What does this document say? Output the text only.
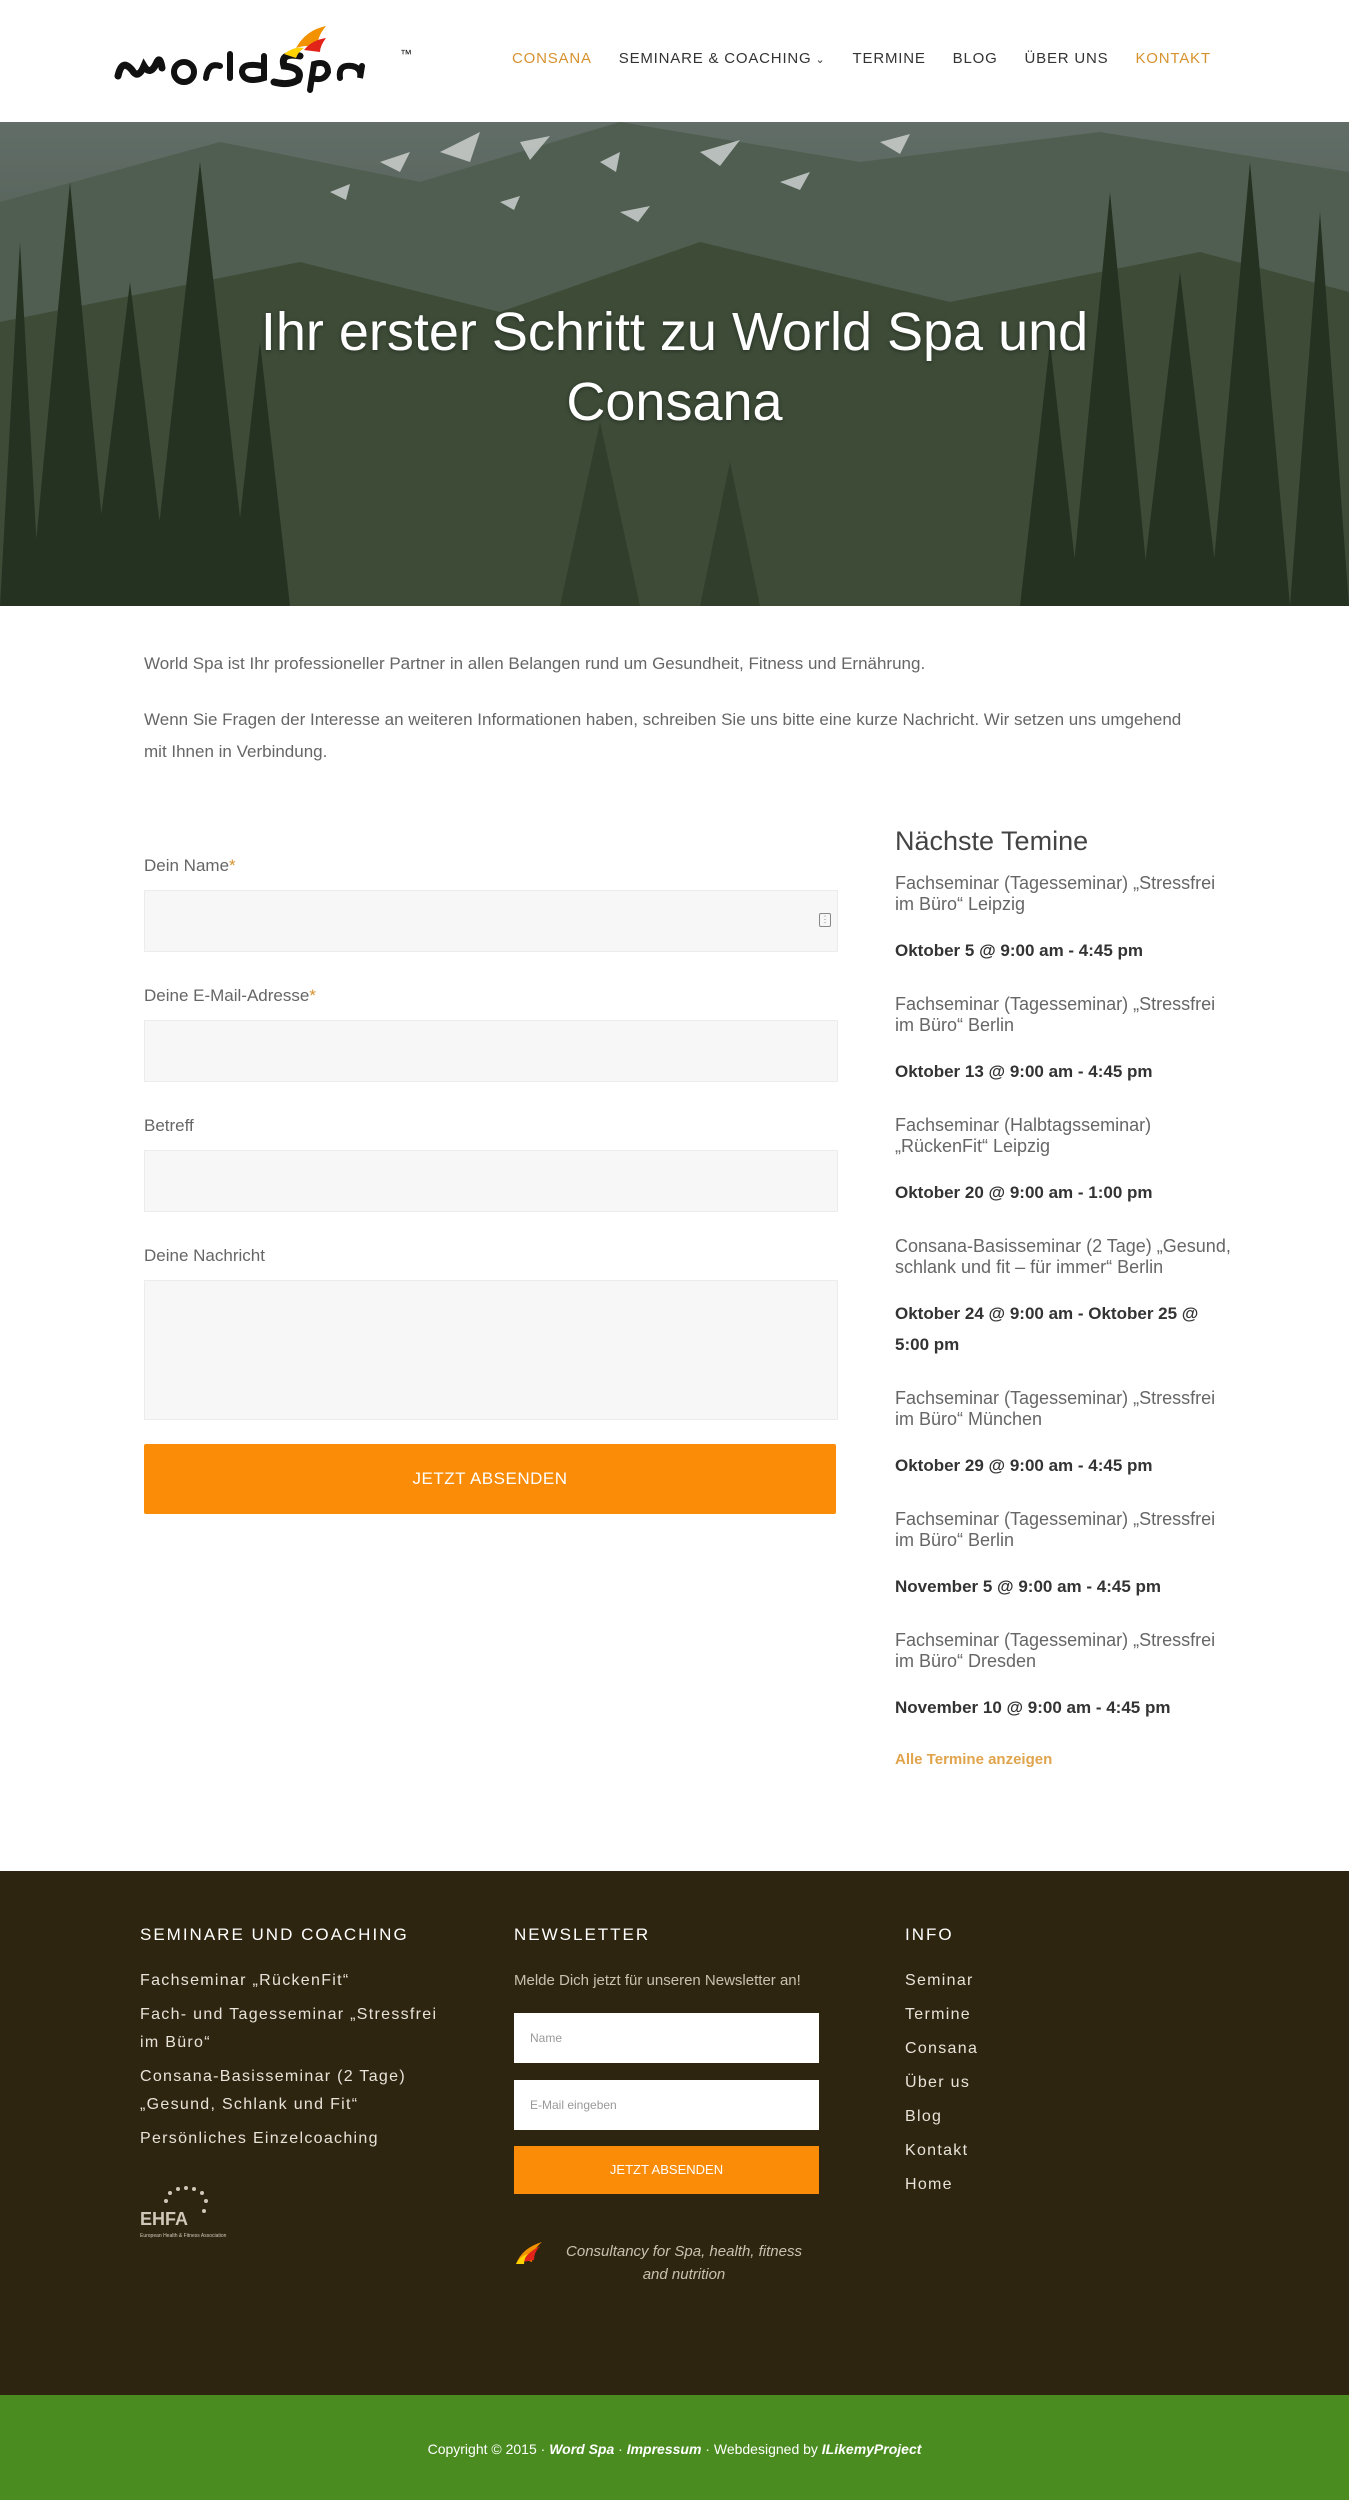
™	CONSANA SEMINARE & COACHING ⌄ TERMINE BLOG ÜBER UNS KONTAKT
Ihr erster Schritt zu World Spa und Consana

World Spa ist Ihr professioneller Partner in allen Belangen rund um Gesundheit, Fitness und Ernährung.

Wenn Sie Fragen der Interesse an weiteren Informationen haben, schreiben Sie uns bitte eine kurze Nachricht. Wir setzen uns umgehend mit Ihnen in Verbindung.

Dein Name*
⋮
Deine E-Mail-Adresse*
Betreff
Deine Nachricht
JETZT ABSENDEN
Nächste Temine
Fachseminar (Tagesseminar) „Stressfrei im Büro“ Leipzig
Oktober 5 @ 9:00 am - 4:45 pm
Fachseminar (Tagesseminar) „Stressfrei im Büro“ Berlin
Oktober 13 @ 9:00 am - 4:45 pm
Fachseminar (Halbtagsseminar) „RückenFit“ Leipzig
Oktober 20 @ 9:00 am - 1:00 pm
Consana-Basisseminar (2 Tage) „Gesund, schlank und fit – für immer“ Berlin
Oktober 24 @ 9:00 am - Oktober 25 @ 5:00 pm
Fachseminar (Tagesseminar) „Stressfrei im Büro“ München
Oktober 29 @ 9:00 am - 4:45 pm
Fachseminar (Tagesseminar) „Stressfrei im Büro“ Berlin
November 5 @ 9:00 am - 4:45 pm
Fachseminar (Tagesseminar) „Stressfrei im Büro“ Dresden
November 10 @ 9:00 am - 4:45 pm
Alle Termine anzeigen
SEMINARE UND COACHING
Fachseminar „RückenFit“
Fach- und Tagesseminar „Stressfrei im Büro“
Consana-Basisseminar (2 Tage) „Gesund, Schlank und Fit“
Persönliches Einzelcoaching
EHFA
European Health & Fitness Association
NEWSLETTER
Melde Dich jetzt für unseren Newsletter an!
Name
E-Mail eingeben
JETZT ABSENDEN
Consultancy for Spa, health, fitness and nutrition
INFO
Seminar
Termine
Consana
Über us
Blog
Kontakt
Home
Copyright © 2015 · Word Spa · Impressum · Webdesigned by ILikemyProject
